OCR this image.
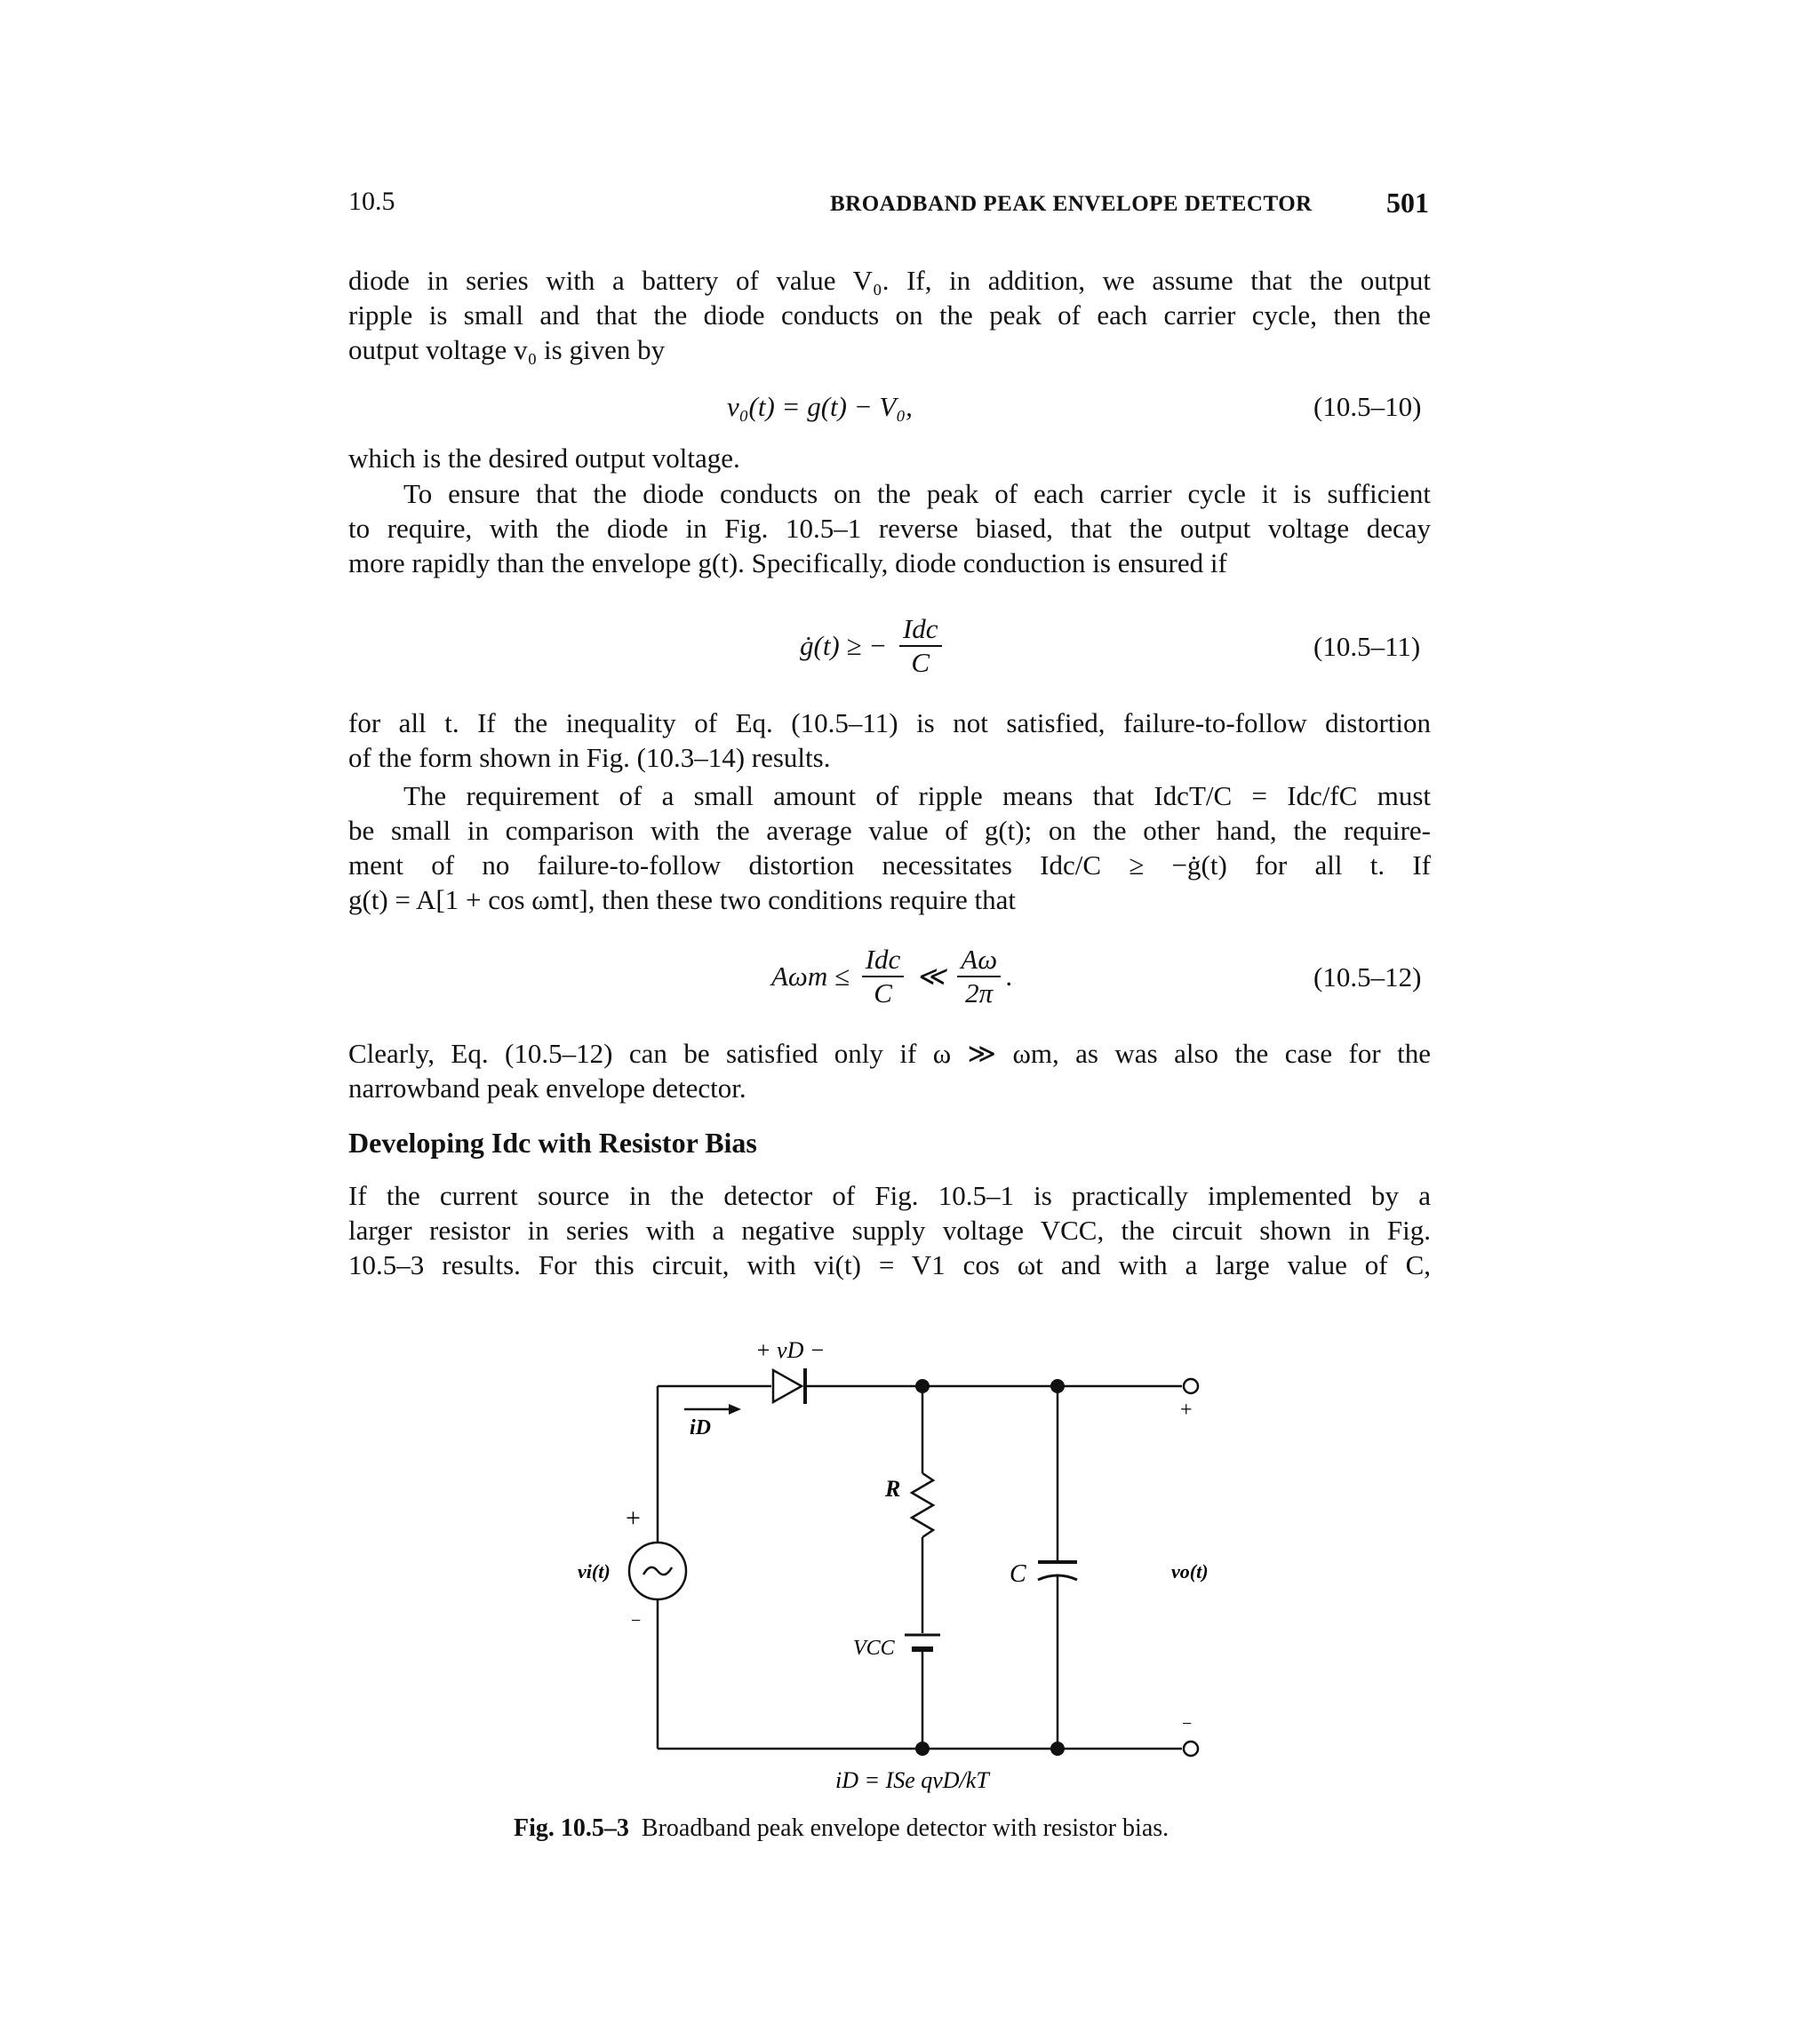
10.5	BROADBAND PEAK ENVELOPE DETECTOR	501

diode in series with a battery of value V₀. If, in addition, we assume that the output
ripple is small and that the diode conducts on the peak of each carrier cycle, then the
output voltage v₀ is given by

v₀(t) = g(t) − V₀,	(10.5–10)

which is the desired output voltage.

To ensure that the diode conducts on the peak of each carrier cycle it is sufficient
to require, with the diode in Fig. 10.5–1 reverse biased, that the output voltage decay
more rapidly than the envelope g(t). Specifically, diode conduction is ensured if

ġ(t) ≥ − $\frac{\text{Idc}}{C}$	(10.5–11)

for all t. If the inequality of Eq. (10.5–11) is not satisfied, failure-to-follow distortion
of the form shown in Fig. (10.3–14) results.

The requirement of a small amount of ripple means that IdcT/C = Idc/fC must
be small in comparison with the average value of g(t); on the other hand, the require-
ment of no failure-to-follow distortion necessitates Idc/C ≥ −ġ(t) for all t. If
g(t) = A[1 + cos ωmt], then these two conditions require that

$A\omega m \le \frac{\text{Idc}}{C}$ ≪ $\frac{A\omega}{2\pi}$ .	(10.5–12)

Clearly, Eq. (10.5–12) can be satisfied only if ω ≫ ωm, as was also the case for the
narrowband peak envelope detector.

Developing Idc with Resistor Bias

If the current source in the detector of Fig. 10.5–1 is practically implemented by a
larger resistor in series with a negative supply voltage VCC, the circuit shown in Fig.
10.5–3 results. For this circuit, with vi(t) = V1 cos ωt and with a large value of C,

+ vD −
iD
R
C
VCC
vi(t)	vo(t)
+
−
+
−
iD = ISe qvD/kT
Fig. 10.5–3 Broadband peak envelope detector with resistor bias.
